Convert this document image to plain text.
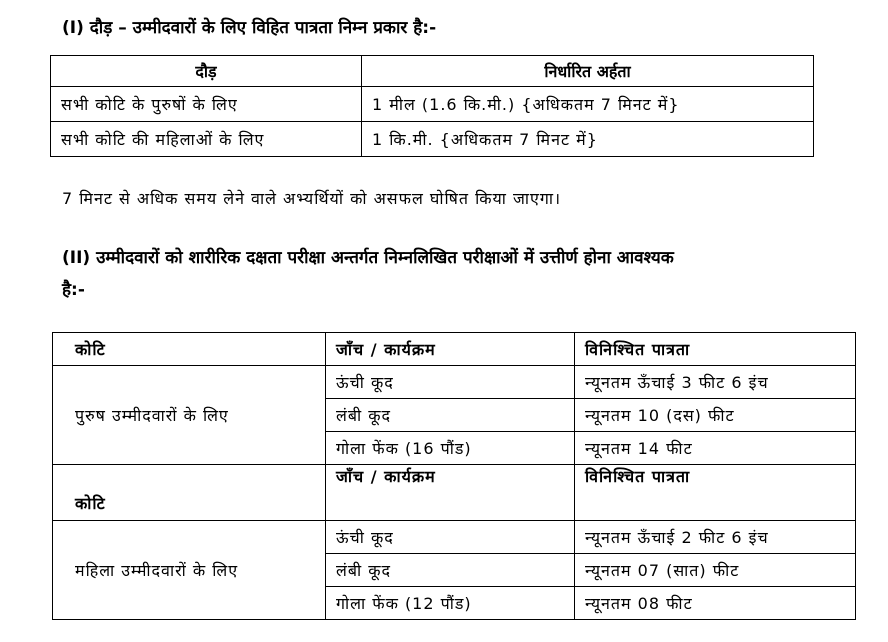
(I) दौड़ – उम्मीदवारों के लिए विहित पात्रता निम्न प्रकार है:-
दौड़	निर्धारित अर्हता
सभी कोटि के पुरुषों के लिए	1 मील (1.6 कि.मी.) {अधिकतम 7 मिनट में}
सभी कोटि की महिलाओं के लिए	1 कि.मी. {अधिकतम 7 मिनट में}
7 मिनट से अधिक समय लेने वाले अभ्यर्थियों को असफल घोषित किया जाएगा।
(II) उम्मीदवारों को शारीरिक दक्षता परीक्षा अन्तर्गत निम्नलिखित परीक्षाओं में उत्तीर्ण होना आवश्यक
है:-
कोटि	जाँच / कार्यक्रम	विनिश्चित पात्रता
पुरुष उम्मीदवारों के लिए	ऊंची कूद	न्यूनतम ऊँचाई 3 फीट 6 इंच
	लंबी कूद	न्यूनतम 10 (दस) फीट
	गोला फेंक (16 पौंड)	न्यूनतम 14 फीट
कोटि	जाँच / कार्यक्रम	विनिश्चित पात्रता
महिला उम्मीदवारों के लिए	ऊंची कूद	न्यूनतम ऊँचाई 2 फीट 6 इंच
	लंबी कूद	न्यूनतम 07 (सात) फीट
	गोला फेंक (12 पौंड)	न्यूनतम 08 फीट
